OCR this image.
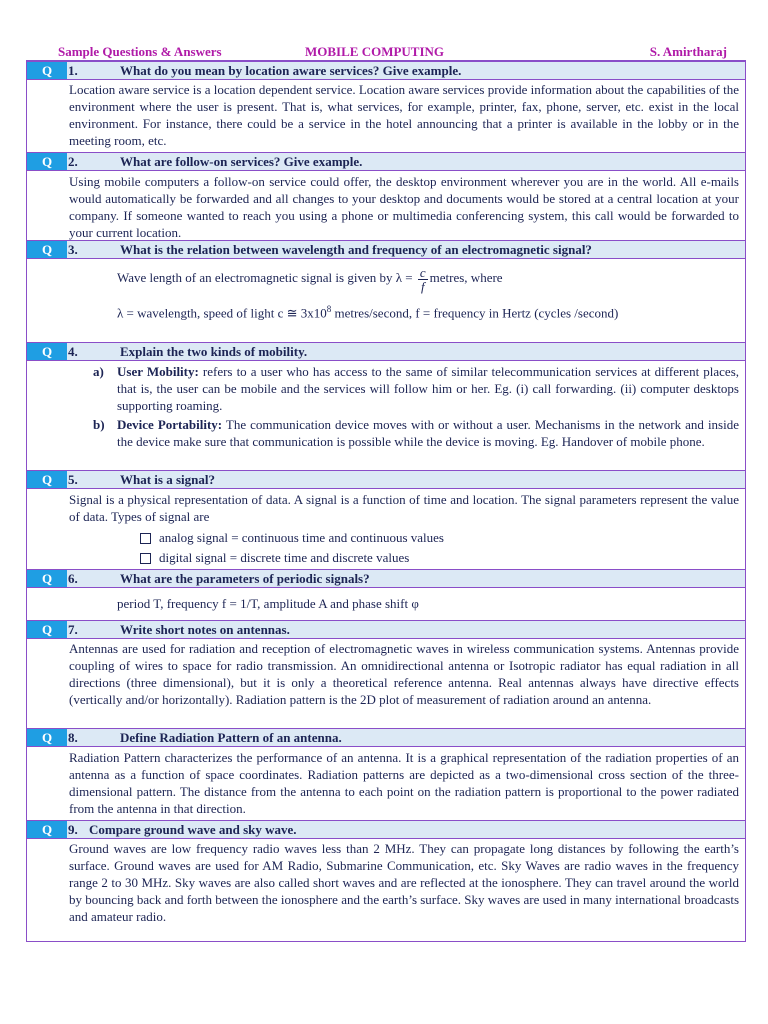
Sample Questions & Answers	MOBILE COMPUTING	S. Amirtharaj
Q	1.	What do you mean by location aware services? Give example.

Location aware service is a location dependent service. Location aware services provide information about the capabilities of the environment where the user is present. That is, what services, for example, printer, fax, phone, server, etc. exist in the local environment. For instance, there could be a service in the hotel announcing that a printer is available in the lobby or in the meeting room, etc.

Q	2.	What are follow-on services? Give example.

Using mobile computers a follow-on service could offer, the desktop environment wherever you are in the world. All e-mails would automatically be forwarded and all changes to your desktop and documents would be stored at a central location at your company. If someone wanted to reach you using a phone or multimedia conferencing system, this call would be forwarded to your current location.

Q	3.	What is the relation between wavelength and frequency of an electromagnetic signal?
Wave length of an electromagnetic signal is given by $\lambda = \frac{c}{f}$ metres, where
λ = wavelength, speed of light c ≅ $3x10^8$ metres/second, f = frequency in Hertz (cycles /second)
Q	4.	Explain the two kinds of mobility.
a) User Mobility: refers to a user who has access to the same of similar telecommunication services at different places, that is, the user can be mobile and the services will follow him or her. Eg. (i) call forwarding. (ii) computer desktops supporting roaming.
b) Device Portability: The communication device moves with or without a user. Mechanisms in the network and inside the device make sure that communication is possible while the device is moving. Eg. Handover of mobile phone.
Q	5.	What is a signal?

Signal is a physical representation of data. A signal is a function of time and location. The signal parameters represent the value of data. Types of signal are

analog signal = continuous time and continuous values
digital signal = discrete time and discrete values
Q	6.	What are the parameters of periodic signals?
period T, frequency f = 1/T, amplitude A and phase shift φ
Q	7.	Write short notes on antennas.

Antennas are used for radiation and reception of electromagnetic waves in wireless communication systems. Antennas provide coupling of wires to space for radio transmission. An omnidirectional antenna or Isotropic radiator has equal radiation in all directions (three dimensional), but it is only a theoretical reference antenna. Real antennas always have directive effects (vertically and/or horizontally). Radiation pattern is the 2D plot of measurement of radiation around an antenna.

Q	8.	Define Radiation Pattern of an antenna.

Radiation Pattern characterizes the performance of an antenna. It is a graphical representation of the radiation properties of an antenna as a function of space coordinates. Radiation patterns are depicted as a two-dimensional cross section of the three-dimensional pattern. The distance from the antenna to each point on the radiation pattern is proportional to the power radiated from the antenna in that direction.

Q	9. Compare ground wave and sky wave.

Ground waves are low frequency radio waves less than 2 MHz. They can propagate long distances by following the earth’s surface. Ground waves are used for AM Radio, Submarine Communication, etc. Sky Waves are radio waves in the frequency range 2 to 30 MHz. Sky waves are also called short waves and are reflected at the ionosphere. They can travel around the world by bouncing back and forth between the ionosphere and the earth’s surface. Sky waves are used in many international broadcasts and amateur radio.
